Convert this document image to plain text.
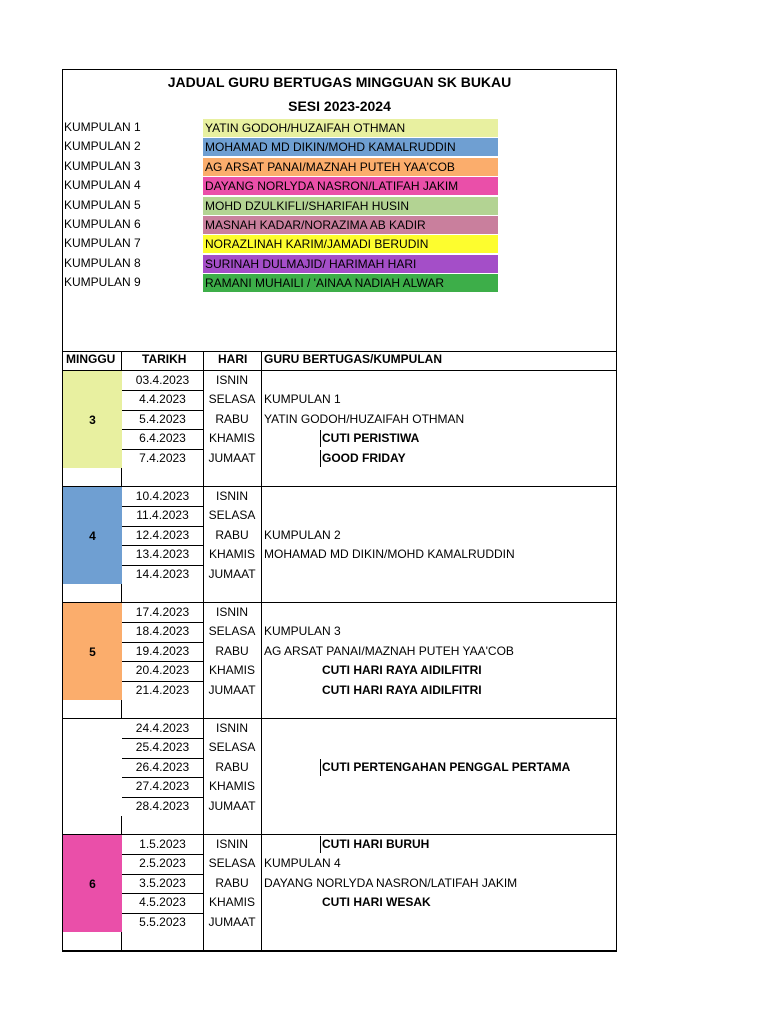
JADUAL GURU BERTUGAS MINGGUAN SK BUKAU
SESI 2023-2024
KUMPULAN 1	YATIN GODOH/HUZAIFAH OTHMAN
KUMPULAN 2	MOHAMAD MD DIKIN/MOHD KAMALRUDDIN
KUMPULAN 3	AG ARSAT PANAI/MAZNAH PUTEH YAA'COB
KUMPULAN 4	DAYANG NORLYDA NASRON/LATIFAH JAKIM
KUMPULAN 5	MOHD DZULKIFLI/SHARIFAH HUSIN
KUMPULAN 6	MASNAH KADAR/NORAZIMA AB KADIR
KUMPULAN 7	NORAZLINAH KARIM/JAMADI BERUDIN
KUMPULAN 8	SURINAH DULMAJID/ HARIMAH HARI
KUMPULAN 9	RAMANI MUHAILI / 'AINAA NADIAH ALWAR
MINGGU TARIKH	HARI GURU BERTUGAS/KUMPULAN
3
03.4.2023	ISNIN
4.4.2023	SELASA KUMPULAN 1
5.4.2023	RABU	YATIN GODOH/HUZAIFAH OTHMAN
6.4.2023	KHAMIS	CUTI PERISTIWA
7.4.2023	JUMAAT	GOOD FRIDAY
4
10.4.2023	ISNIN
11.4.2023	SELASA
12.4.2023	RABU	KUMPULAN 2
13.4.2023	KHAMIS MOHAMAD MD DIKIN/MOHD KAMALRUDDIN
14.4.2023	JUMAAT
5
17.4.2023	ISNIN
18.4.2023	SELASA KUMPULAN 3
19.4.2023	RABU	AG ARSAT PANAI/MAZNAH PUTEH YAA'COB
20.4.2023	KHAMIS	CUTI HARI RAYA AIDILFITRI
21.4.2023	JUMAAT	CUTI HARI RAYA AIDILFITRI
24.4.2023	ISNIN
25.4.2023	SELASA
26.4.2023	RABU	CUTI PERTENGAHAN PENGGAL PERTAMA
27.4.2023	KHAMIS
28.4.2023	JUMAAT
6
1.5.2023	ISNIN	CUTI HARI BURUH
2.5.2023	SELASA KUMPULAN 4
3.5.2023	RABU	DAYANG NORLYDA NASRON/LATIFAH JAKIM
4.5.2023	KHAMIS	CUTI HARI WESAK
5.5.2023	JUMAAT
